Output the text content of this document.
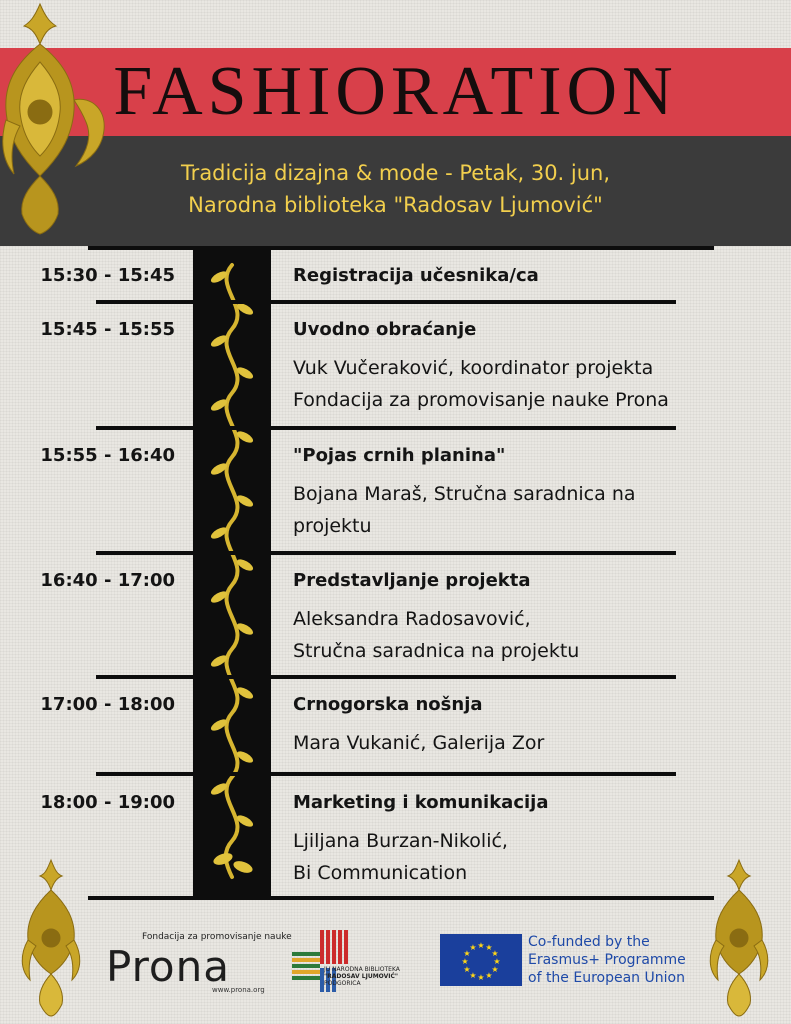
FASHIORATION
Tradicija dizajna & mode - Petak, 30. jun,
Narodna biblioteka "Radosav Ljumović"
15:30 - 15:45	Registracija učesnika/ca
15:45 - 15:55	Uvodno obraćanje
Vuk Vučeraković, koordinator projekta
Fondacija za promovisanje nauke Prona
15:55 - 16:40	"Pojas crnih planina"
Bojana Maraš, Stručna saradnica na
projektu
16:40 - 17:00	Predstavljanje projekta
Aleksandra Radosavović,
Stručna saradnica na projektu
17:00 - 18:00	Crnogorska nošnja
Mara Vukanić, Galerija Zor
18:00 - 19:00	Marketing i komunikacija
Ljiljana Burzan-Nikolić,
Bi Communication
Fondacija za promovisanje nauke
Prona
www.prona.org
JU NARODNA BIBLIOTEKA
"RADOSAV LJUMOVIĆ"
PODGORICA
★ ★
★
★
★
★
★
★
★
★
★
★	Co-funded by the
Erasmus+ Programme
of the European Union
